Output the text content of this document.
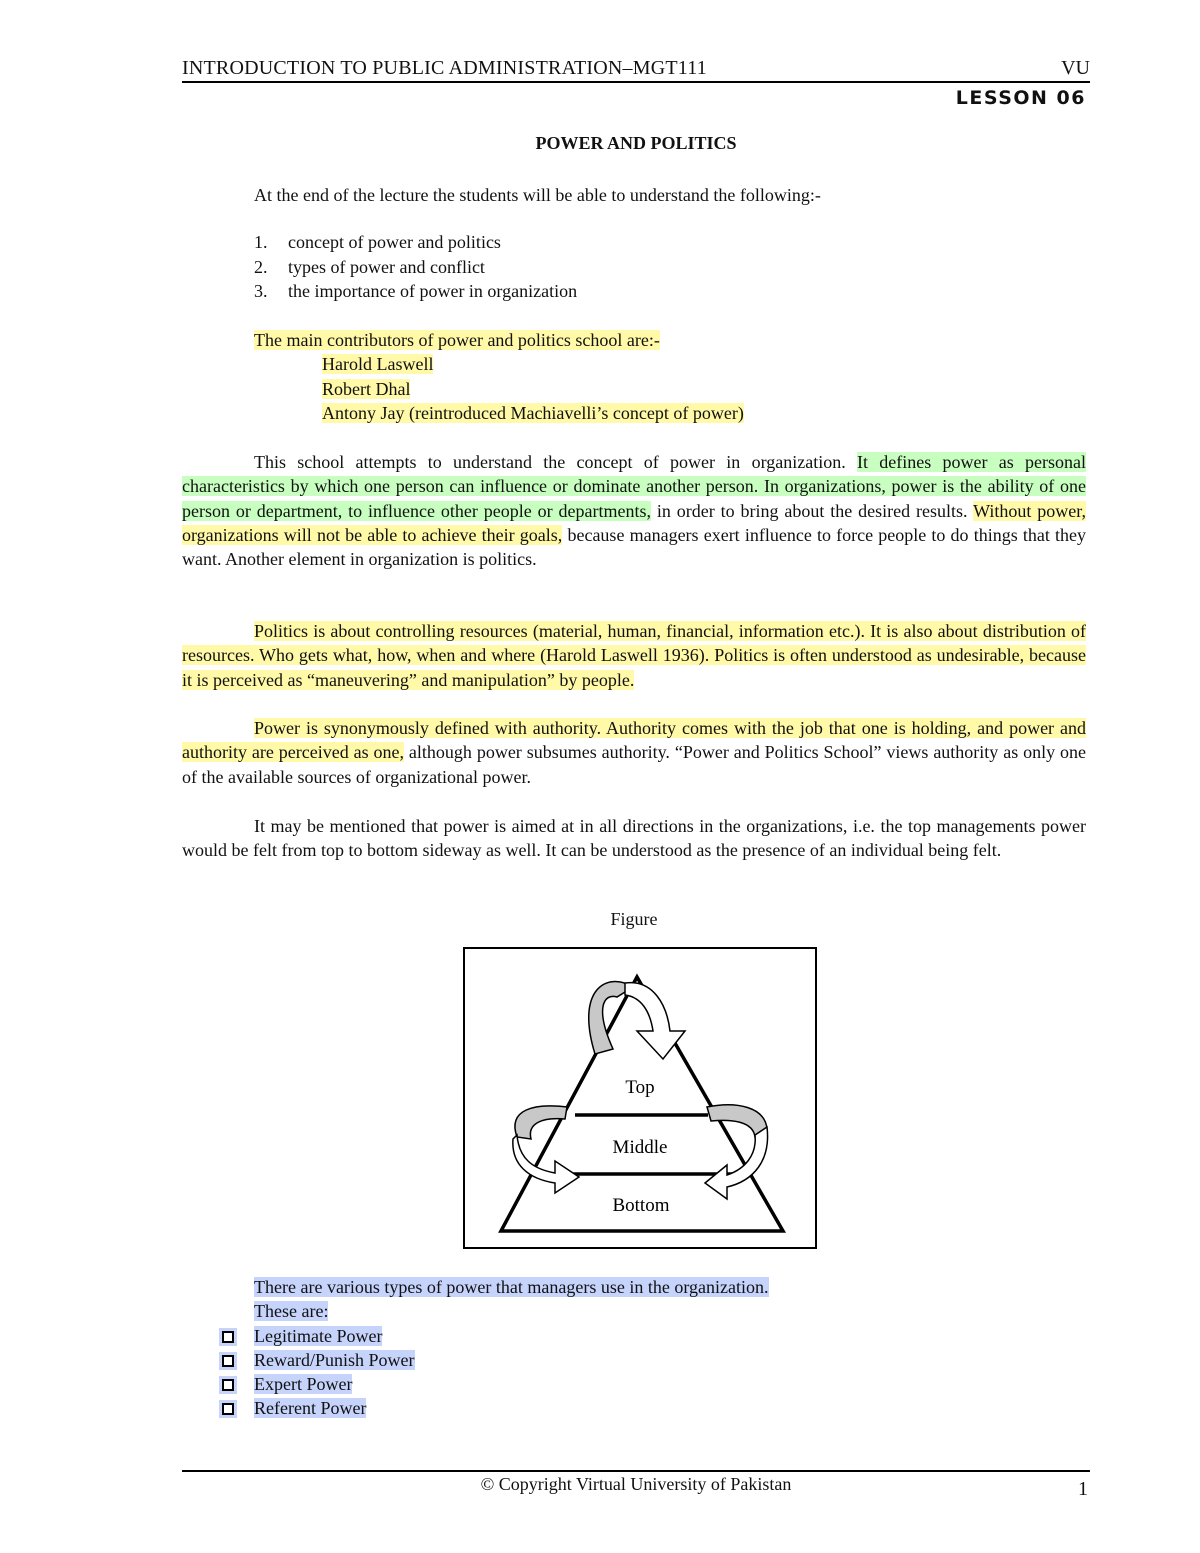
INTRODUCTION TO PUBLIC ADMINISTRATION–MGT111	VU
LESSON 06
POWER AND POLITICS

At the end of the lecture the students will be able to understand the following:-

1. concept of power and politics
2. types of power and conflict
3. the importance of power in organization
The main contributors of power and politics school are:-
Harold Laswell
Robert Dhal
Antony Jay (reintroduced Machiavelli’s concept of power)

This school attempts to understand the concept of power in organization. It defines power as personal characteristics by which one person can influence or dominate another person. In organizations, power is the ability of one person or department, to influence other people or departments, in order to bring about the desired results. Without power, organizations will not be able to achieve their goals, because managers exert influence to force people to do things that they want. Another element in organization is politics.

Politics is about controlling resources (material, human, financial, information etc.). It is also about distribution of resources. Who gets what, how, when and where (Harold Laswell 1936). Politics is often understood as undesirable, because it is perceived as “maneuvering” and manipulation” by people.

Power is synonymously defined with authority. Authority comes with the job that one is holding, and power and authority are perceived as one, although power subsumes authority. “Power and Politics School” views authority as only one of the available sources of organizational power.

It may be mentioned that power is aimed at in all directions in the organizations, i.e. the top managements power would be felt from top to bottom sideway as well. It can be understood as the presence of an individual being felt.

Figure
Top
Middle
Bottom
There are various types of power that managers use in the organization.
These are:
Legitimate Power
Reward/Punish Power
Expert Power
Referent Power
© Copyright Virtual University of Pakistan	1
